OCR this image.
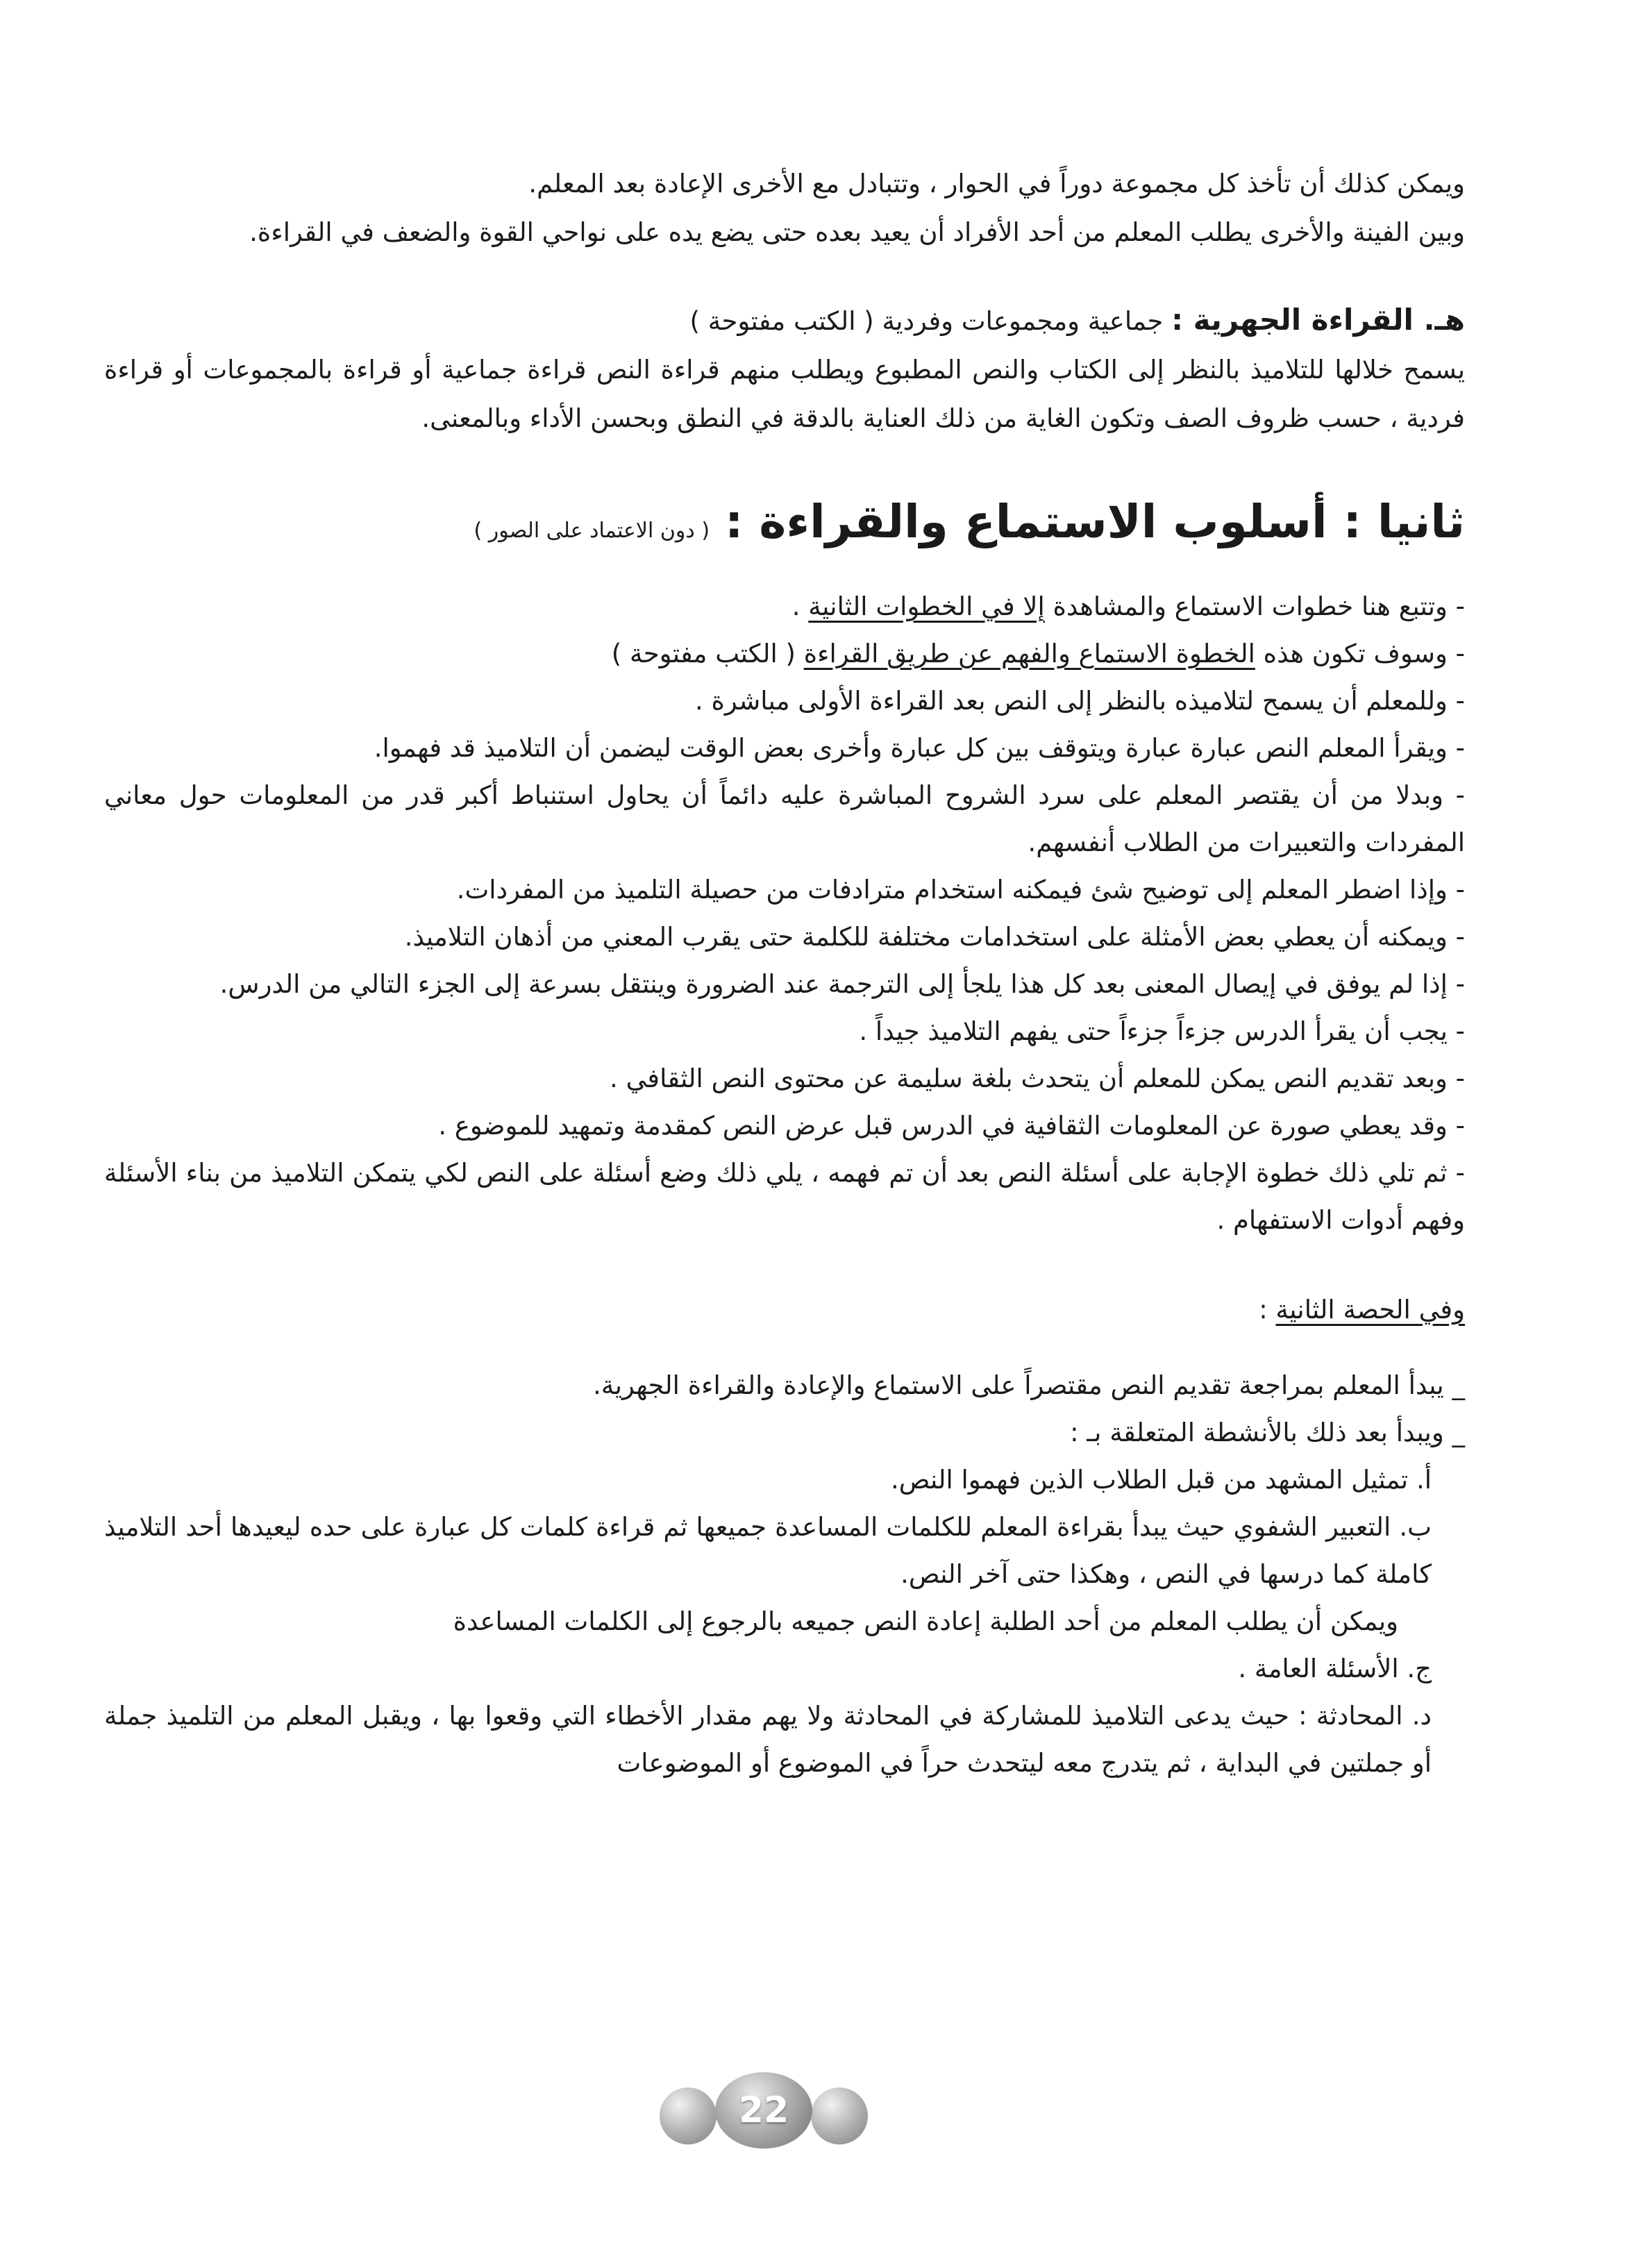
ويمكن كذلك أن تأخذ كل مجموعة دوراً في الحوار ، وتتبادل مع الأخرى الإعادة بعد المعلم.

وبين الفينة والأخرى يطلب المعلم من أحد الأفراد أن يعيد بعده حتى يضع يده على نواحي القوة والضعف في القراءة.

هـ. القراءة الجهرية : جماعية ومجموعات وفردية ( الكتب مفتوحة )

يسمح خلالها للتلاميذ بالنظر إلى الكتاب والنص المطبوع ويطلب منهم قراءة النص قراءة جماعية أو قراءة بالمجموعات أو قراءة فردية ، حسب ظروف الصف وتكون الغاية من ذلك العناية بالدقة في النطق وبحسن الأداء وبالمعنى.

ثانيا : أسلوب الاستماع والقراءة :
( دون الاعتماد على الصور )
- وتتبع هنا خطوات الاستماع والمشاهدة إلا في الخطوات الثانية .
- وسوف تكون هذه الخطوة الاستماع والفهم عن طريق القراءة ( الكتب مفتوحة )
- وللمعلم أن يسمح لتلاميذه بالنظر إلى النص بعد القراءة الأولى مباشرة .
- ويقرأ المعلم النص عبارة عبارة ويتوقف بين كل عبارة وأخرى بعض الوقت ليضمن أن التلاميذ قد فهموا.
- وبدلا من أن يقتصر المعلم على سرد الشروح المباشرة عليه دائماً أن يحاول استنباط أكبر قدر من المعلومات حول معاني المفردات والتعبيرات من الطلاب أنفسهم.
- وإذا اضطر المعلم إلى توضيح شئ فيمكنه استخدام مترادفات من حصيلة التلميذ من المفردات.
- ويمكنه أن يعطي بعض الأمثلة على استخدامات مختلفة للكلمة حتى يقرب المعني من أذهان التلاميذ.
- إذا لم يوفق في إيصال المعنى بعد كل هذا يلجأ إلى الترجمة عند الضرورة وينتقل بسرعة إلى الجزء التالي من الدرس.
- يجب أن يقرأ الدرس جزءاً جزءاً حتى يفهم التلاميذ جيداً .
- وبعد تقديم النص يمكن للمعلم أن يتحدث بلغة سليمة عن محتوى النص الثقافي .
- وقد يعطي صورة عن المعلومات الثقافية في الدرس قبل عرض النص كمقدمة وتمهيد للموضوع .
- ثم تلي ذلك خطوة الإجابة على أسئلة النص بعد أن تم فهمه ، يلي ذلك وضع أسئلة على النص لكي يتمكن التلاميذ من بناء الأسئلة وفهم أدوات الاستفهام .
وفي الحصة الثانية :
_ يبدأ المعلم بمراجعة تقديم النص مقتصراً على الاستماع والإعادة والقراءة الجهرية.
_ ويبدأ بعد ذلك بالأنشطة المتعلقة بـ :
أ. تمثيل المشهد من قبل الطلاب الذين فهموا النص.
ب. التعبير الشفوي حيث يبدأ بقراءة المعلم للكلمات المساعدة جميعها ثم قراءة كلمات كل عبارة على حده ليعيدها أحد التلاميذ كاملة كما درسها في النص ، وهكذا حتى آخر النص.
ويمكن أن يطلب المعلم من أحد الطلبة إعادة النص جميعه بالرجوع إلى الكلمات المساعدة
ج. الأسئلة العامة .
د. المحادثة : حيث يدعى التلاميذ للمشاركة في المحادثة ولا يهم مقدار الأخطاء التي وقعوا بها ، ويقبل المعلم من التلميذ جملة أو جملتين في البداية ، ثم يتدرج معه ليتحدث حراً في الموضوع أو الموضوعات
22
